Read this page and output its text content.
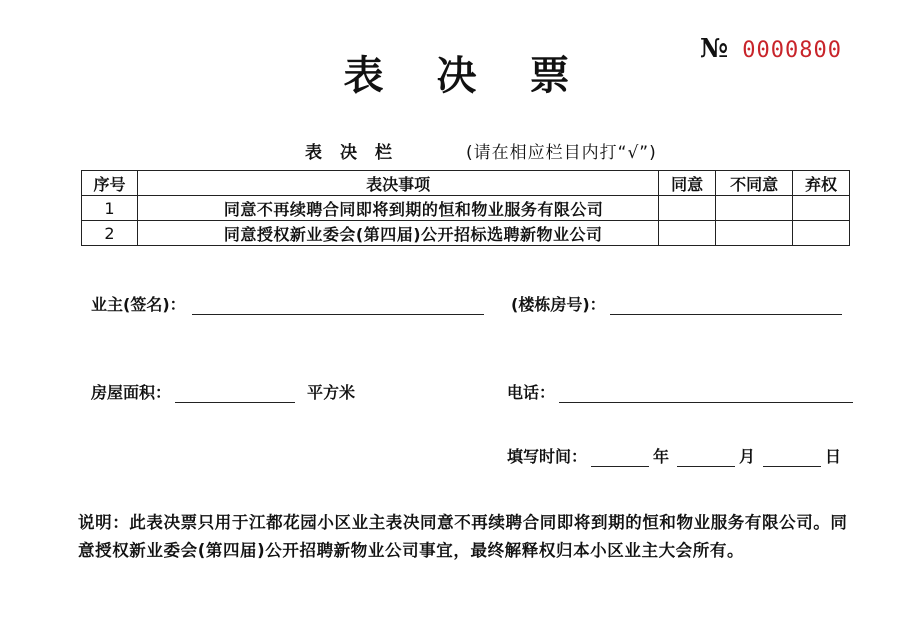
表 决 票
№ 0000800
表决栏	(请在相应栏目内打“√”)
序号	表决事项	同意	不同意	弃权
1	同意不再续聘合同即将到期的恒和物业服务有限公司			
2	同意授权新业委会(第四届)公开招标选聘新物业公司			
业主(签名)：	(楼栋房号)：
房屋面积：	平方米	电话：
填写时间：	年	月	日
说明：此表决票只用于江都花园小区业主表决同意不再续聘合同即将到期的恒和物业服务有限公司。同意授权新业委会(第四届)公开招聘新物业公司事宜，最终解释权归本小区业主大会所有。
